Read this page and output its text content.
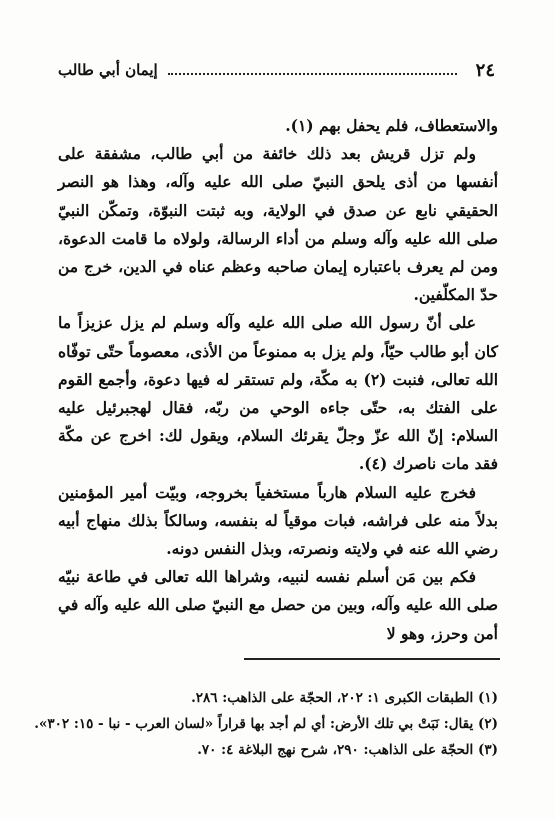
٢٤
إيمان أبي طالب

والاستعطاف، فلم يحفل بهم (١).

ولم تزل قريش بعد ذلك خائفة من أبي طالب، مشفقة على أنفسها من أذى يلحق النبيّ صلى الله عليه وآله، وهذا هو النصر الحقيقي نابع عن صدق في الولاية، وبه ثبتت النبوّة، وتمكّن النبيّ صلى الله عليه وآله وسلم من أداء الرسالة، ولولاه ما قامت الدعوة، ومن لم يعرف باعتباره إيمان صاحبه وعظم عناه في الدين، خرج من حدّ المكلّفين.

على أنّ رسول الله صلى الله عليه وآله وسلم لم يزل عزيزاً ما كان أبو طالب حيّاً، ولم يزل به ممنوعاً من الأذى، معصوماً حتّى توفّاه الله تعالى، فنبت (٢) به مكّة، ولم تستقر له فيها دعوة، وأجمع القوم على الفتك به، حتّى جاءه الوحي من ربّه، فقال لهجبرئيل عليه السلام: إنّ الله عزّ وجلّ يقرئك السلام، ويقول لك: اخرج عن مكّة فقد مات ناصرك (٤).

فخرج عليه السلام هارباً مستخفياً بخروجه، وبيّت أمير المؤمنين بدلاً منه على فراشه، فبات موقياً له بنفسه، وسالكاً بذلك منهاج أبيه رضي الله عنه في ولايته ونصرته، وبذل النفس دونه.

فكم بين مَن أسلم نفسه لنبيه، وشراها الله تعالى في طاعة نبيّه صلى الله عليه وآله، وبين من حصل مع النبيّ صلى الله عليه وآله في أمن وحرز، وهو لا

(١) الطبقات الكبرى ١: ٢٠٢، الحجّة على الذاهب: ٢٨٦.

(٢) يقال: نَبَتْ بي تلك الأرض: أي لم أجد بها قراراً «لسان العرب - نبا - ١٥: ٣٠٢».

(٣) الحجّة على الذاهب: ٢٩٠، شرح نهج البلاغة ٤: ٧٠.
